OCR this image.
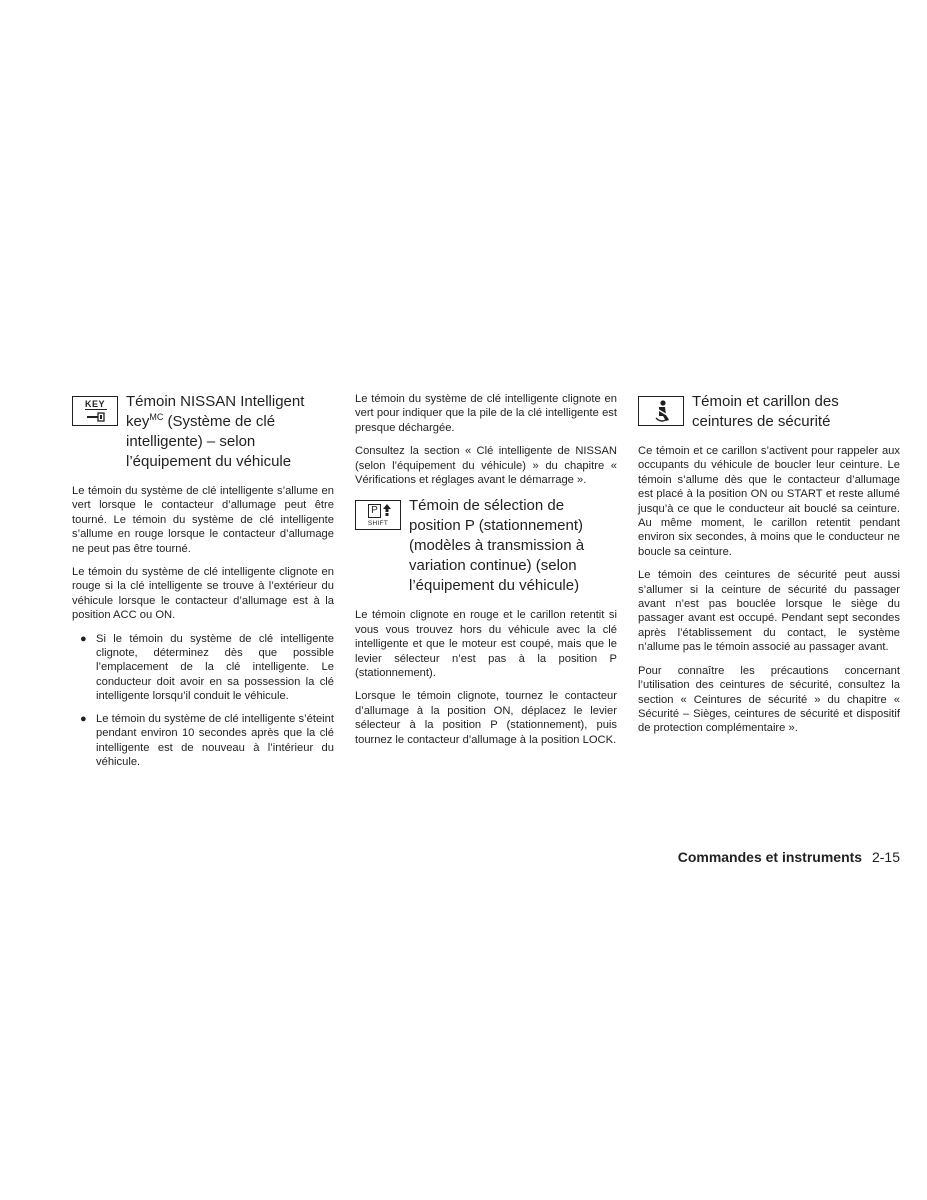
KEY	Témoin NISSAN Intelligent key$^{MC}$ (Système de clé intelligente) – selon l’équipement du véhicule

Le témoin du système de clé intelligente s’allume en vert lorsque le contacteur d’allumage peut être tourné. Le témoin du système de clé intelligente s’allume en rouge lorsque le contacteur d’allumage ne peut pas être tourné.

Le témoin du système de clé intelligente clignote en rouge si la clé intelligente se trouve à l’extérieur du véhicule lorsque le contacteur d’allumage est à la position ACC ou ON.

● Si le témoin du système de clé intelligente clignote, déterminez dès que possible l’emplacement de la clé intelligente. Le conducteur doit avoir en sa possession la clé intelligente lorsqu’il conduit le véhicule.
● Le témoin du système de clé intelligente s’éteint pendant environ 10 secondes après que la clé intelligente est de nouveau à l’intérieur du véhicule.

Le témoin du système de clé intelligente clignote en vert pour indiquer que la pile de la clé intelligente est presque déchargée.

Consultez la section « Clé intelligente de NISSAN (selon l’équipement du véhicule) » du chapitre « Vérifications et réglages avant le démarrage ».

P
SHIFT
Témoin de sélection de position P (stationnement) (modèles à transmission à variation continue) (selon l’équipement du véhicule)

Le témoin clignote en rouge et le carillon retentit si vous vous trouvez hors du véhicule avec la clé intelligente et que le moteur est coupé, mais que le levier sélecteur n’est pas à la position P (stationnement).

Lorsque le témoin clignote, tournez le contacteur d’allumage à la position ON, déplacez le levier sélecteur à la position P (stationnement), puis tournez le contacteur d’allumage à la position LOCK.

Témoin et carillon des ceintures de sécurité

Ce témoin et ce carillon s’activent pour rappeler aux occupants du véhicule de boucler leur ceinture. Le témoin s’allume dès que le contacteur d’allumage est placé à la position ON ou START et reste allumé jusqu’à ce que le conducteur ait bouclé sa ceinture. Au même moment, le carillon retentit pendant environ six secondes, à moins que le conducteur ne boucle sa ceinture.

Le témoin des ceintures de sécurité peut aussi s’allumer si la ceinture de sécurité du passager avant n’est pas bouclée lorsque le siège du passager avant est occupé. Pendant sept secondes après l’établissement du contact, le système n’allume pas le témoin associé au passager avant.

Pour connaître les précautions concernant l’utilisation des ceintures de sécurité, consultez la section « Ceintures de sécurité » du chapitre « Sécurité – Sièges, ceintures de sécurité et dispositif de protection complémentaire ».

Commandes et instruments 2-15
